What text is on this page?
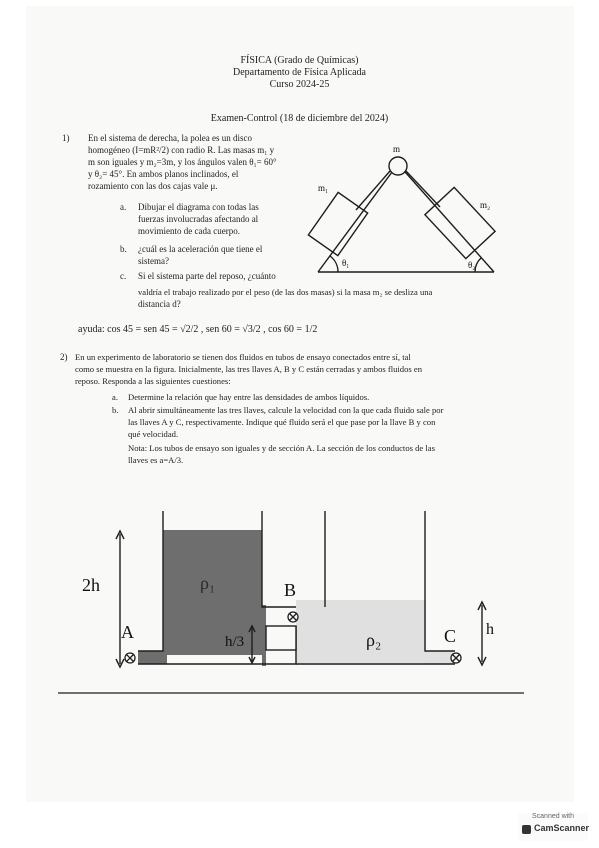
FÍSICA (Grado de Químicas)
Departamento de Física Aplicada
Curso 2024-25
Examen-Control (18 de diciembre del 2024)
1) En el sistema de derecha, la polea es un disco
homogéneo (I=mR²/2) con radio R. Las masas m₁ y
m son iguales y m₂=3m, y los ángulos valen θ₁= 60°
y θ₂= 45°. En ambos planos inclinados, el
rozamiento con las dos cajas vale μ.
a. Dibujar el diagrama con todas las
fuerzas involucradas afectando al
movimiento de cada cuerpo.
b. ¿cuál es la aceleración que tiene el
sistema?
c. Si el sistema parte del reposo, ¿cuánto
valdría el trabajo realizado por el peso (de las dos masas) si la masa m₂ se desliza una
distancia d?
ayuda: cos 45 = sen 45 = √2/2 , sen 60 = √3/2 , cos 60 = 1/2
m
m₁
m₂
θ₁	θ₂
2) En un experimento de laboratorio se tienen dos fluidos en tubos de ensayo conectados entre sí, tal
como se muestra en la figura. Inicialmente, las tres llaves A, B y C están cerradas y ambos fluidos en
reposo. Responda a las siguientes cuestiones:
a. Determine la relación que hay entre las densidades de ambos líquidos.
b. Al abrir simultáneamente las tres llaves, calcule la velocidad con la que cada fluido sale por
las llaves A y C, respectivamente. Indique qué fluido será el que pase por la llave B y con
qué velocidad.
Nota: Los tubos de ensayo son iguales y de sección A. La sección de los conductos de las
llaves es a=A/3.
2h	ρ₁	B
A	h/3	ρ₂	C h
Scanned with
CamScanner
